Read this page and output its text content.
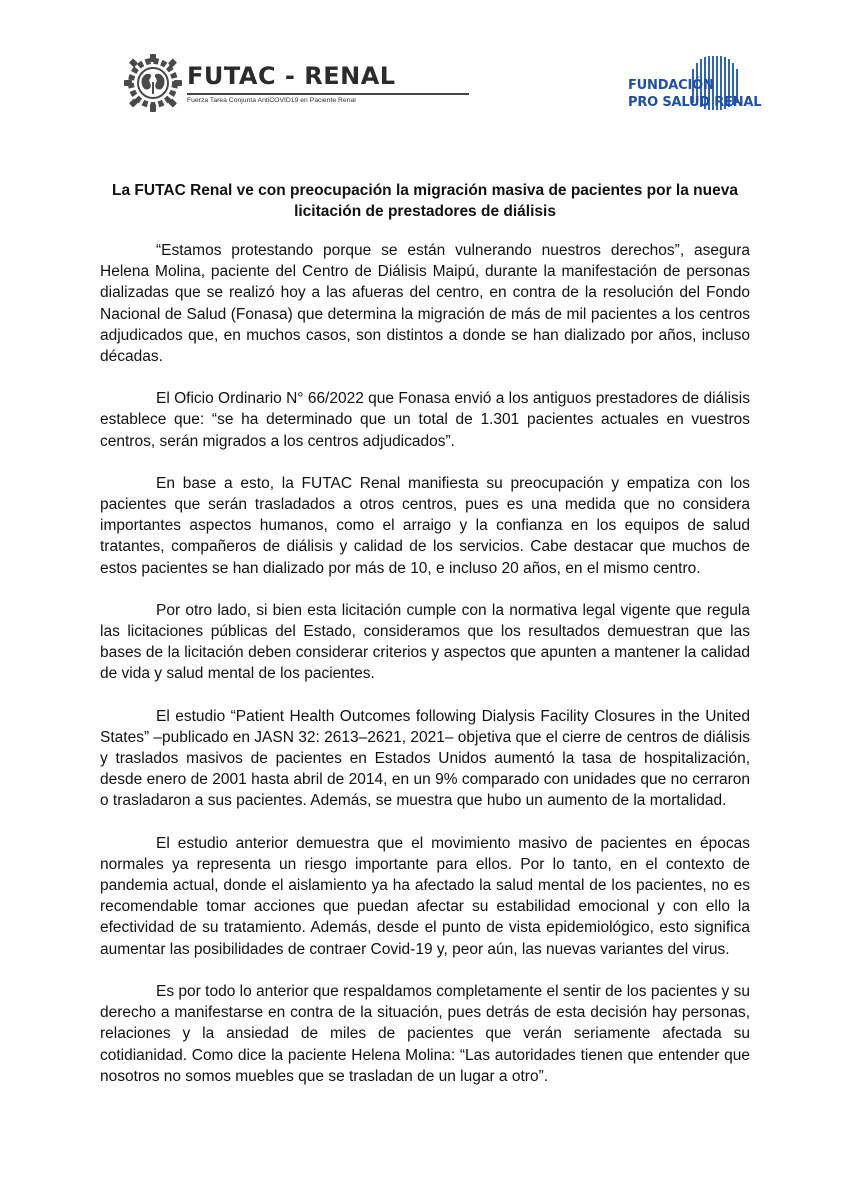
FUTAC - RENAL
Fuerza Tarea Conjunta AntiCOVID19 en Paciente Renal
FUNDACIÓN
PRO SALUD RENAL
La FUTAC Renal ve con preocupación la migración masiva de pacientes por la nueva
licitación de prestadores de diálisis

“Estamos protestando porque se están vulnerando nuestros derechos”, asegura Helena Molina, paciente del Centro de Diálisis Maipú, durante la manifestación de personas dializadas que se realizó hoy a las afueras del centro, en contra de la resolución del Fondo Nacional de Salud (Fonasa) que determina la migración de más de mil pacientes a los centros adjudicados que, en muchos casos, son distintos a donde se han dializado por años, incluso décadas.

El Oficio Ordinario N° 66/2022 que Fonasa envió a los antiguos prestadores de diálisis establece que: “se ha determinado que un total de 1.301 pacientes actuales en vuestros centros, serán migrados a los centros adjudicados”.

En base a esto, la FUTAC Renal manifiesta su preocupación y empatiza con los pacientes que serán trasladados a otros centros, pues es una medida que no considera importantes aspectos humanos, como el arraigo y la confianza en los equipos de salud tratantes, compañeros de diálisis y calidad de los servicios. Cabe destacar que muchos de estos pacientes se han dializado por más de 10, e incluso 20 años, en el mismo centro.

Por otro lado, si bien esta licitación cumple con la normativa legal vigente que regula las licitaciones públicas del Estado, consideramos que los resultados demuestran que las bases de la licitación deben considerar criterios y aspectos que apunten a mantener la calidad de vida y salud mental de los pacientes.

El estudio “Patient Health Outcomes following Dialysis Facility Closures in the United States” –publicado en JASN 32: 2613–2621, 2021– objetiva que el cierre de centros de diálisis y traslados masivos de pacientes en Estados Unidos aumentó la tasa de hospitalización, desde enero de 2001 hasta abril de 2014, en un 9% comparado con unidades que no cerraron o trasladaron a sus pacientes. Además, se muestra que hubo un aumento de la mortalidad.

El estudio anterior demuestra que el movimiento masivo de pacientes en épocas normales ya representa un riesgo importante para ellos. Por lo tanto, en el contexto de pandemia actual, donde el aislamiento ya ha afectado la salud mental de los pacientes, no es recomendable tomar acciones que puedan afectar su estabilidad emocional y con ello la efectividad de su tratamiento. Además, desde el punto de vista epidemiológico, esto significa aumentar las posibilidades de contraer Covid-19 y, peor aún, las nuevas variantes del virus.

Es por todo lo anterior que respaldamos completamente el sentir de los pacientes y su derecho a manifestarse en contra de la situación, pues detrás de esta decisión hay personas, relaciones y la ansiedad de miles de pacientes que verán seriamente afectada su cotidianidad. Como dice la paciente Helena Molina: “Las autoridades tienen que entender que nosotros no somos muebles que se trasladan de un lugar a otro”.
